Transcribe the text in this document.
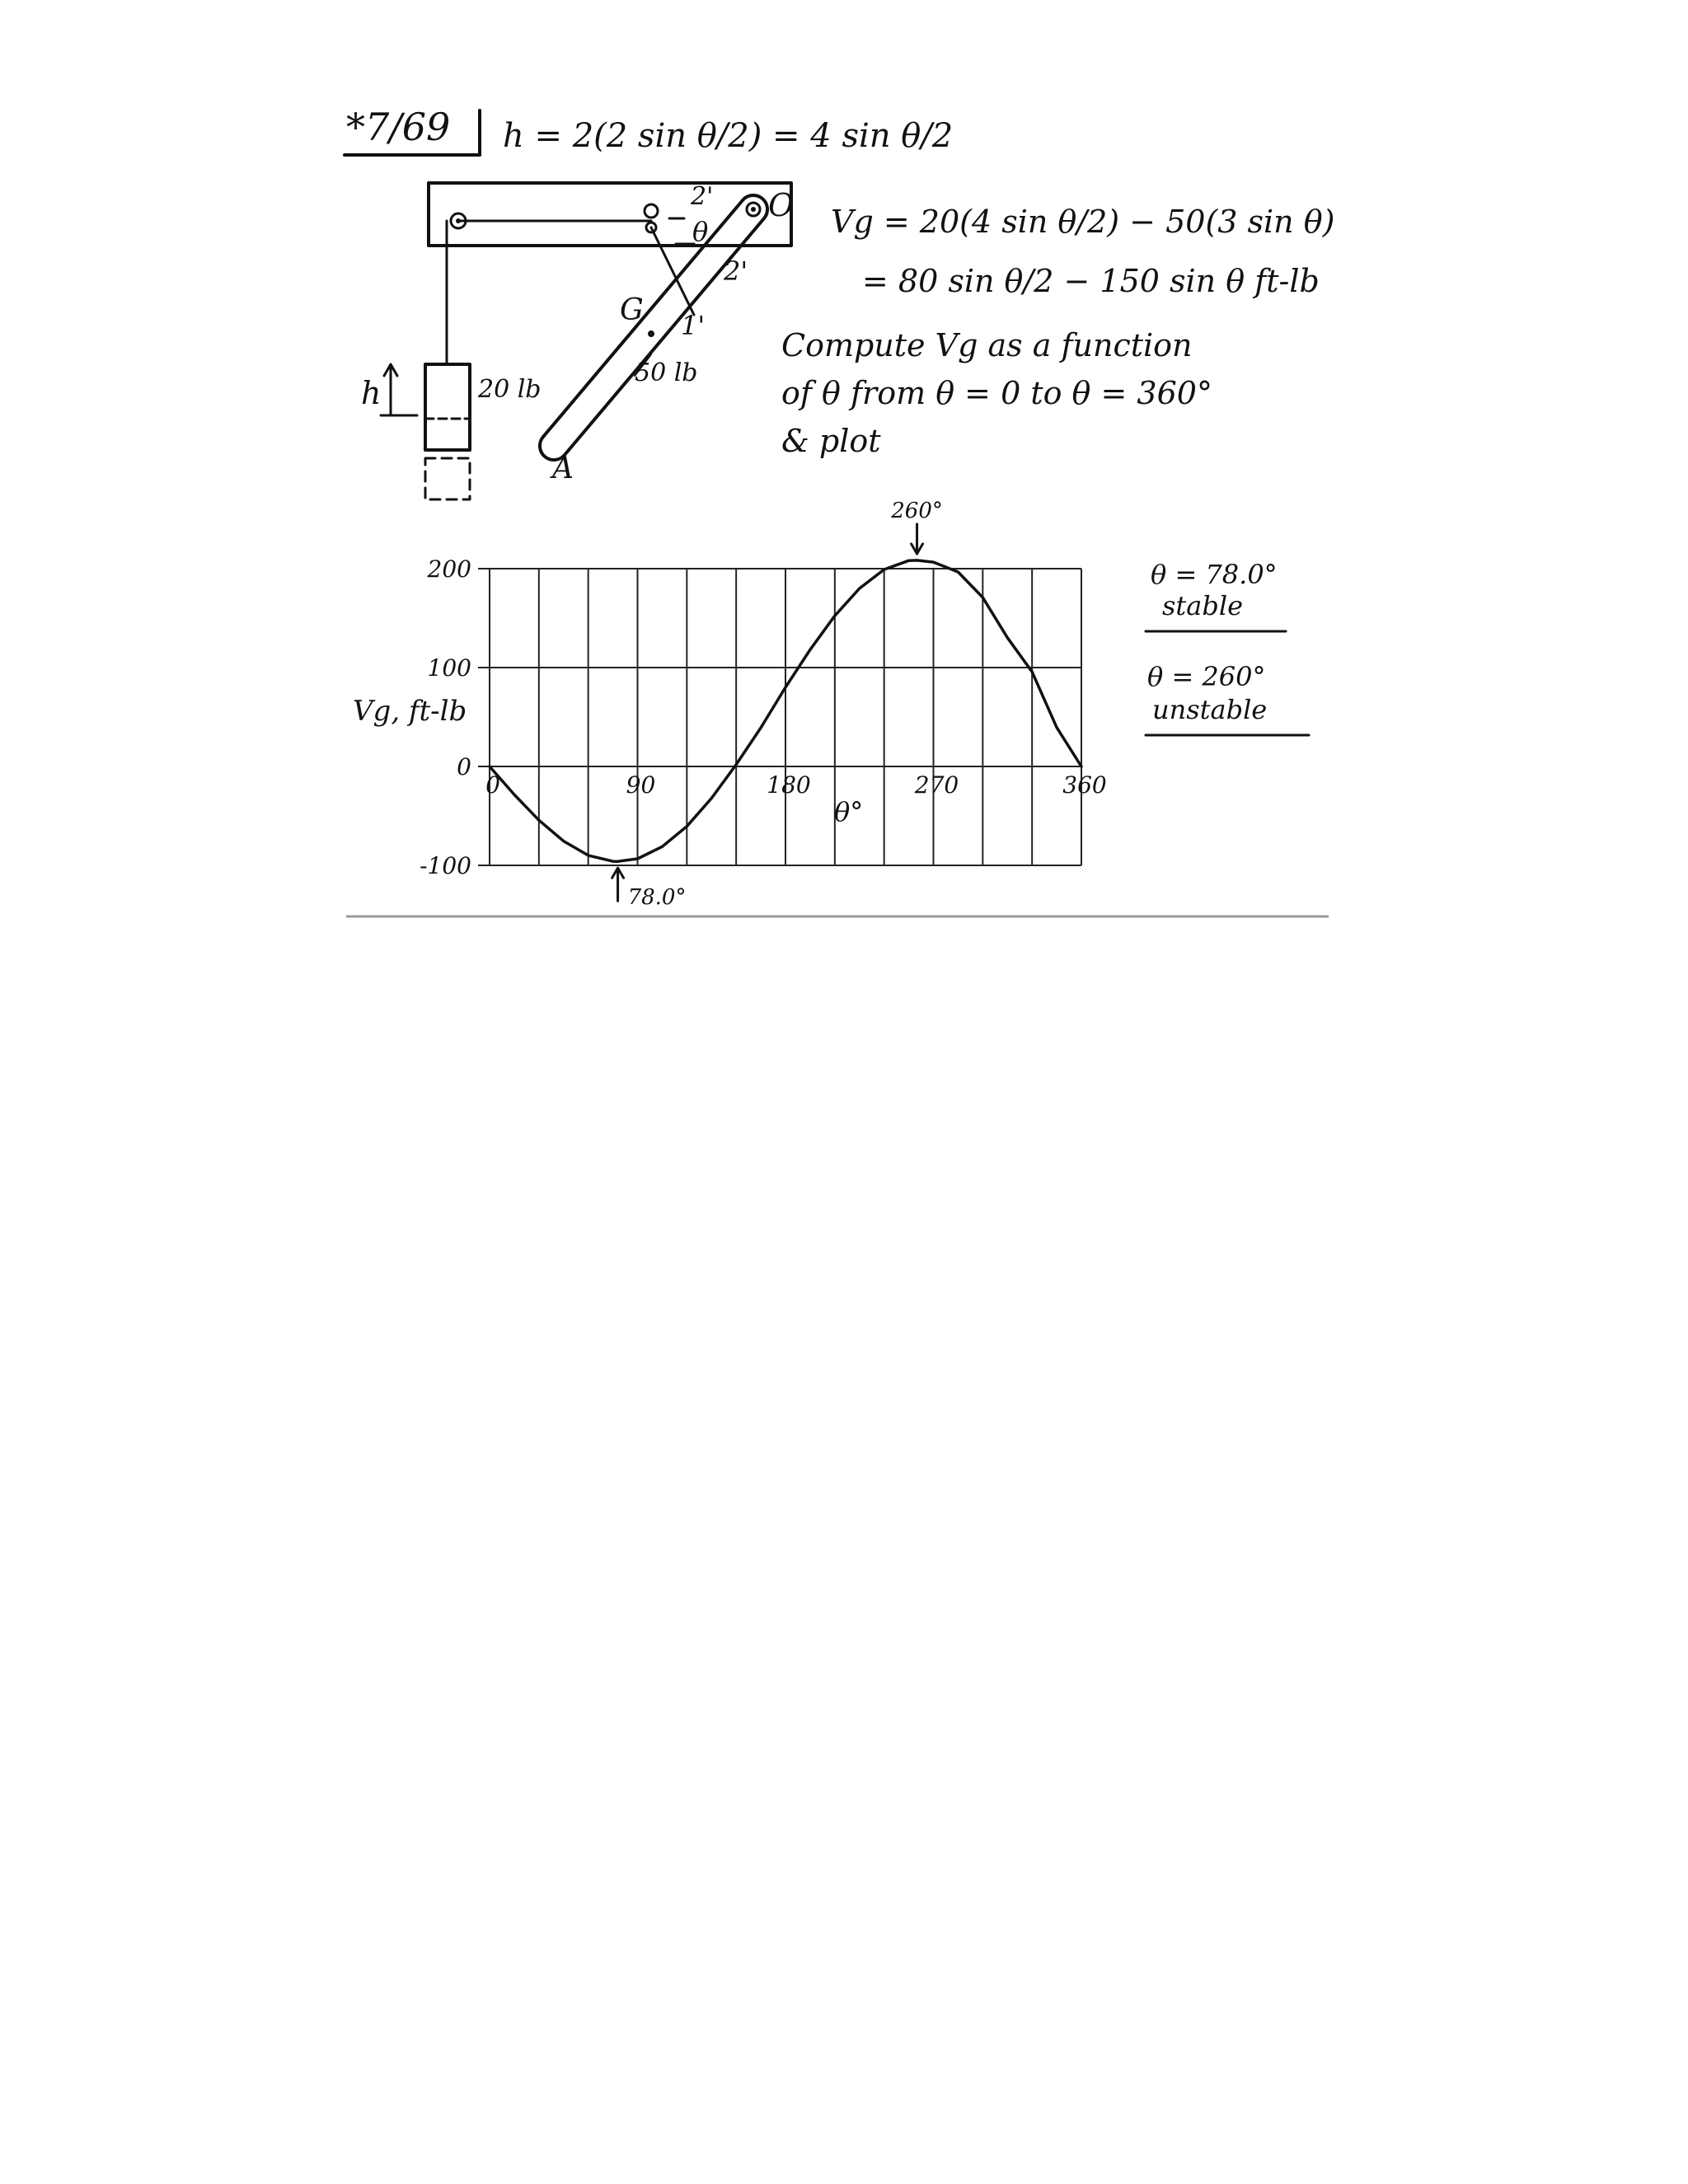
*7/69 h = 2(2 sin θ/2) = 4 sin θ/2
20 lb
h
2'
θ
O
2'
G 1'
50 lb
A
Vg = 20(4 sin θ/2) − 50(3 sin θ)
= 80 sin θ/2 − 150 sin θ ft-lb
Compute Vg as a function
of θ from θ = 0 to θ = 360°
& plot
200
100
0
-100
0	90	180	270	360
Vg, ft-lb
θ°
260°
78.0°
θ = 78.0°
stable
θ = 260°
unstable
